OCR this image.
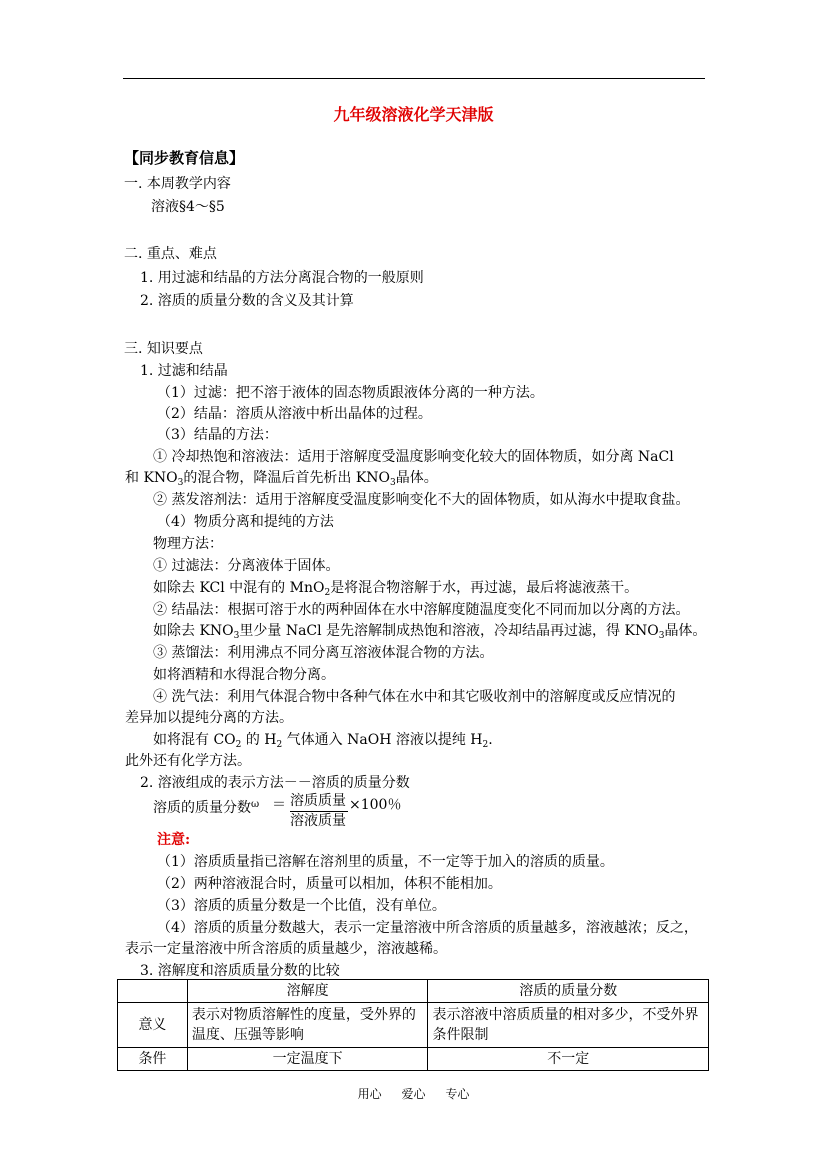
九年级溶液化学天津版
【同步教育信息】
一. 本周教学内容
溶液§4～§5
二. 重点、难点
1. 用过滤和结晶的方法分离混合物的一般原则
2. 溶质的质量分数的含义及其计算
三. 知识要点
1. 过滤和结晶
（1）过滤：把不溶于液体的固态物质跟液体分离的一种方法。
（2）结晶：溶质从溶液中析出晶体的过程。
（3）结晶的方法：
① 冷却热饱和溶液法：适用于溶解度受温度影响变化较大的固体物质，如分离 NaCl
和 $KNO_3$的混合物，降温后首先析出 $KNO_3$晶体。
② 蒸发溶剂法：适用于溶解度受温度影响变化不大的固体物质，如从海水中提取食盐。
（4）物质分离和提纯的方法
物理方法：
① 过滤法：分离液体于固体。
如除去 KCl 中混有的 MnO$_2$是将混合物溶解于水，再过滤，最后将滤液蒸干。
② 结晶法：根据可溶于水的两种固体在水中溶解度随温度变化不同而加以分离的方法。
如除去 $KNO_3$里少量 NaCl 是先溶解制成热饱和溶液，冷却结晶再过滤，得 $KNO_3$晶体。
③ 蒸馏法：利用沸点不同分离互溶液体混合物的方法。
如将酒精和水得混合物分离。
④ 洗气法：利用气体混合物中各种气体在水中和其它吸收剂中的溶解度或反应情况的
差异加以提纯分离的方法。
如将混有 $CO_2$ 的 $H_2$ 气体通入 NaOH 溶液以提纯 $H_2$.
此外还有化学方法。
2. 溶液组成的表示方法－－溶质的质量分数
溶质的质量分数$^\omega$ ＝ 溶质质量
溶液质量
×100％
注意:
（1）溶质质量指已溶解在溶剂里的质量，不一定等于加入的溶质的质量。
（2）两种溶液混合时，质量可以相加，体积不能相加。
（3）溶质的质量分数是一个比值，没有单位。
（4）溶质的质量分数越大，表示一定量溶液中所含溶质的质量越多，溶液越浓；反之，
表示一定量溶液中所含溶质的质量越少，溶液越稀。
3. 溶解度和溶质质量分数的比较
	溶解度	溶质的质量分数
意义	表示对物质溶解性的度量，受外界的温度、压强等影响	表示溶液中溶质质量的相对多少，不受外界条件限制
条件	一定温度下	不一定
用心 爱心 专心
